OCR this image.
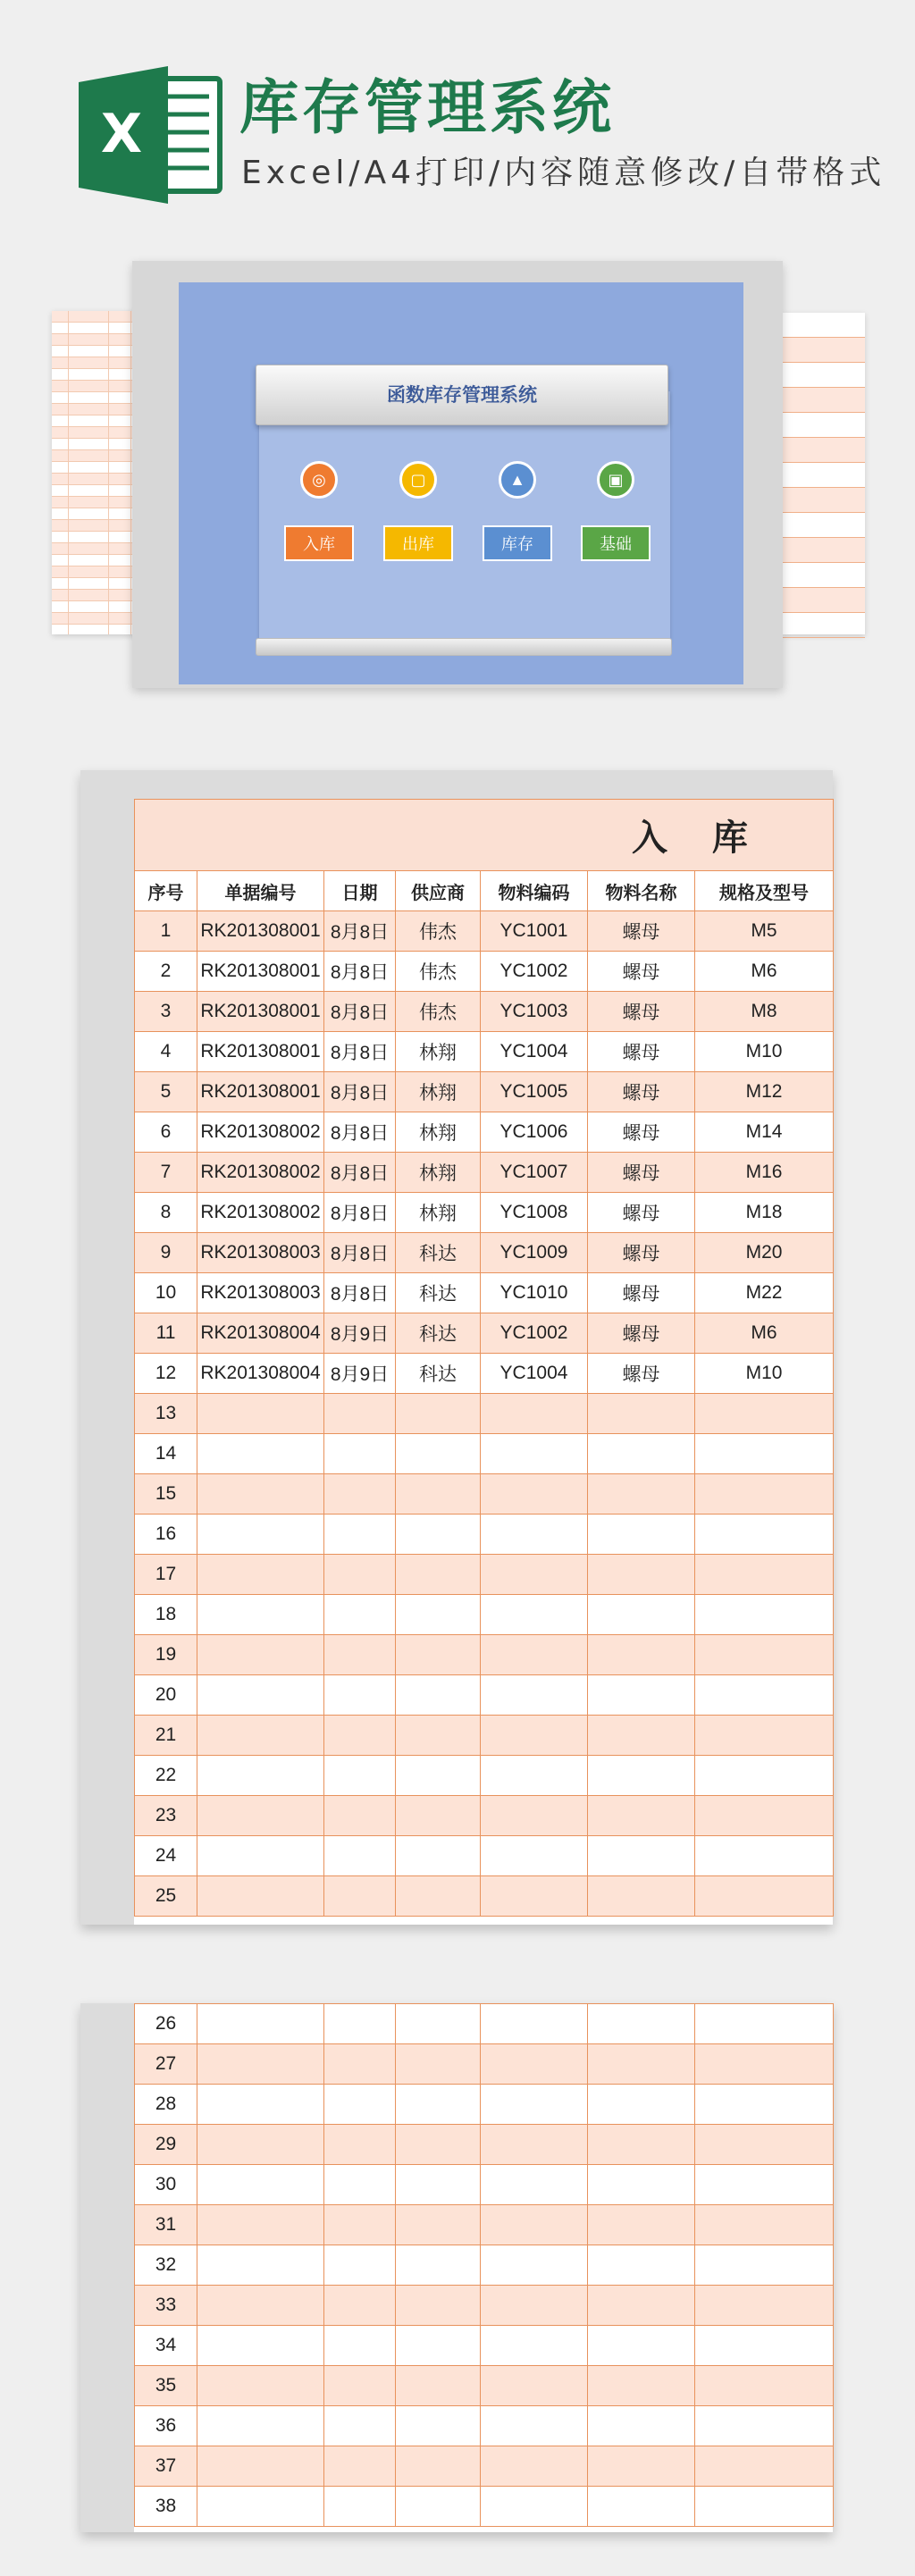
X 库存管理系统
Excel/A4打印/内容随意修改/自带格式
函数库存管理系统
◎	▢	▲	▣
入库	出库	库存	基础
入 库						
序号	单据编号	日期	供应商	物料编码	物料名称	规格及型号
1	RK201308001	8月8日	伟杰	YC1001	螺母	M5
2	RK201308001	8月8日	伟杰	YC1002	螺母	M6
3	RK201308001	8月8日	伟杰	YC1003	螺母	M8
4	RK201308001	8月8日	林翔	YC1004	螺母	M10
5	RK201308001	8月8日	林翔	YC1005	螺母	M12
6	RK201308002	8月8日	林翔	YC1006	螺母	M14
7	RK201308002	8月8日	林翔	YC1007	螺母	M16
8	RK201308002	8月8日	林翔	YC1008	螺母	M18
9	RK201308003	8月8日	科达	YC1009	螺母	M20
10	RK201308003	8月8日	科达	YC1010	螺母	M22
11	RK201308004	8月9日	科达	YC1002	螺母	M6
12	RK201308004	8月9日	科达	YC1004	螺母	M10
13						
14						
15						
16						
17						
18						
19						
20						
21						
22						
23						
24						
25						
26						
27						
28						
29						
30						
31						
32						
33						
34						
35						
36						
37						
38						
